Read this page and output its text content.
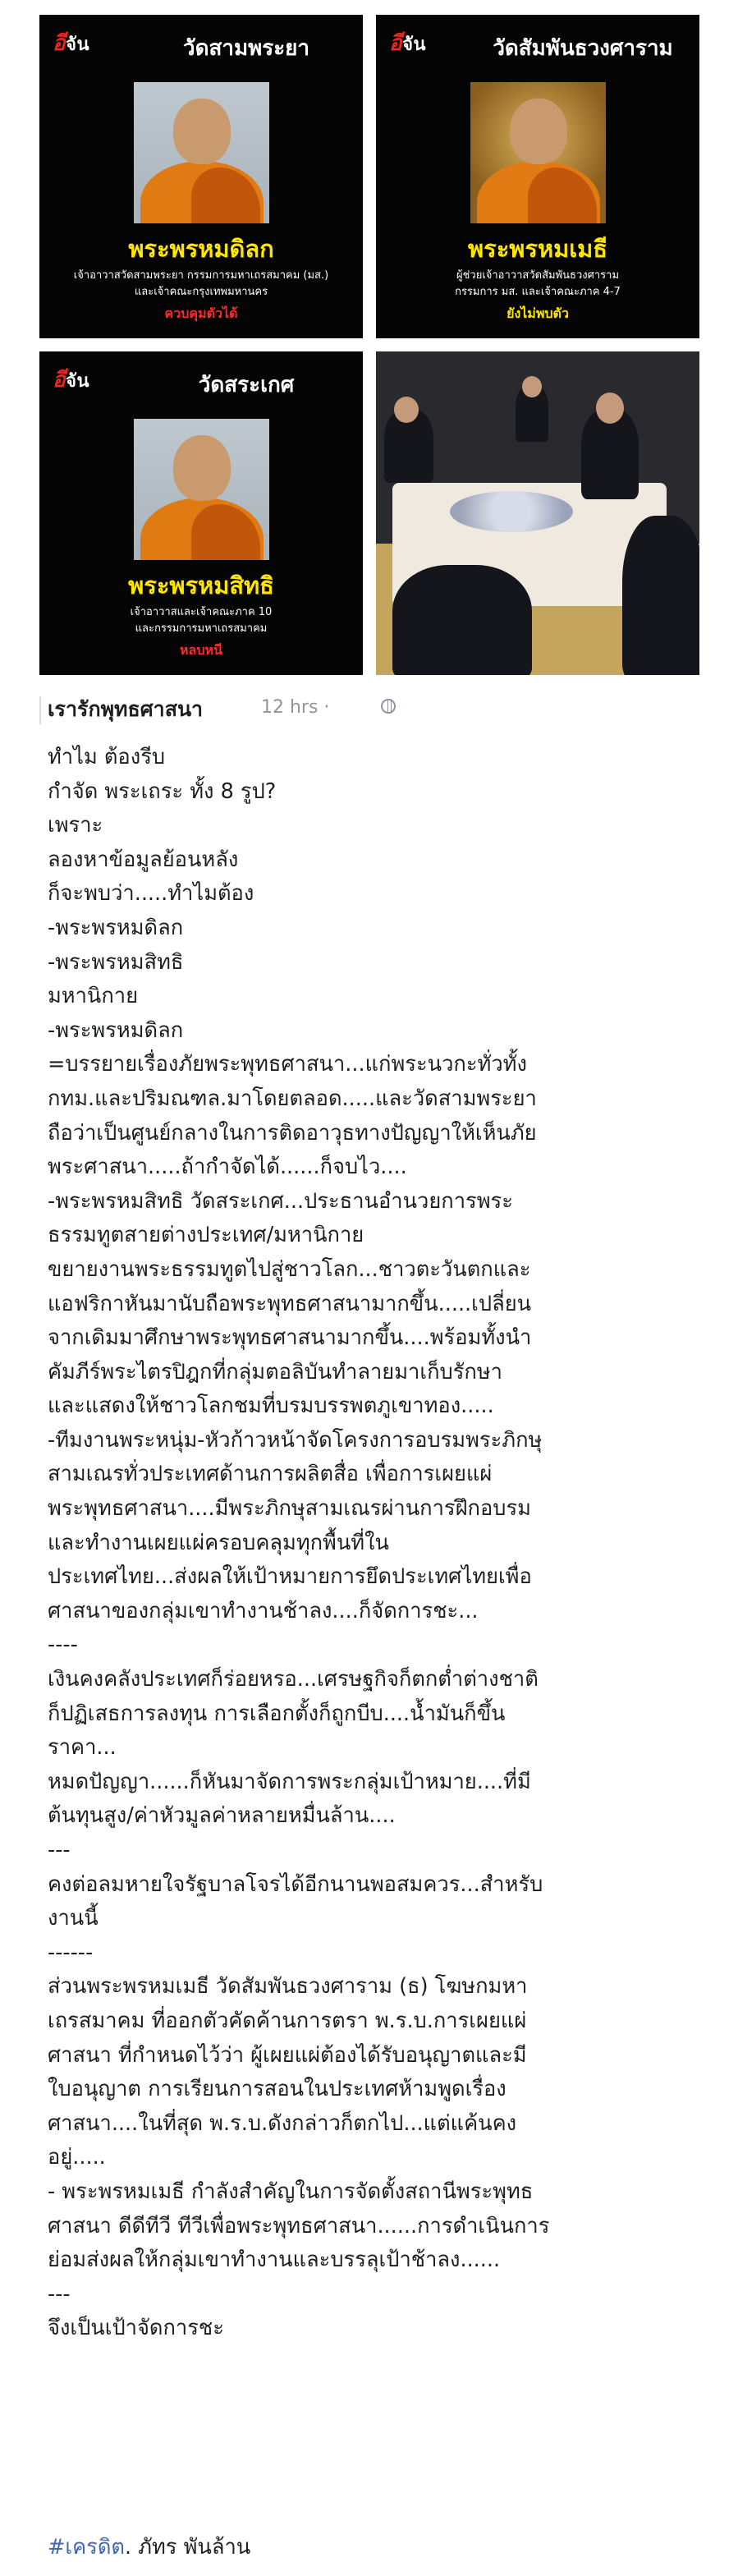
อีจัน	วัดสามพระยา
พระพรหมดิลก
เจ้าอาวาสวัดสามพระยา กรรมการมหาเถรสมาคม (มส.)
และเจ้าคณะกรุงเทพมหานคร
ควบคุมตัวได้
อีจัน	วัดสัมพันธวงศาราม
พระพรหมเมธี
ผู้ช่วยเจ้าอาวาสวัดสัมพันธวงศาราม
กรรมการ มส. และเจ้าคณะภาค 4-7
ยังไม่พบตัว
อีจัน	วัดสระเกศ
พระพรหมสิทธิ
เจ้าอาวาสและเจ้าคณะภาค 10
และกรรมการมหาเถรสมาคม
หลบหนี
เรารักพุทธศาสนา	12 hrs ·
ทำไม ต้องรีบ
กำจัด พระเถระ ทั้ง 8 รูป?
เพราะ
ลองหาข้อมูลย้อนหลัง
ก็จะพบว่า.....ทำไมต้อง
-พระพรหมดิลก
-พระพรหมสิทธิ
มหานิกาย
-พระพรหมดิลก
=บรรยายเรื่องภัยพระพุทธศาสนา...แก่พระนวกะทั่วทั้ง
กทม.และปริมณฑล.มาโดยตลอด.....และวัดสามพระยา
ถือว่าเป็นศูนย์กลางในการติดอาวุธทางปัญญาให้เห็นภัย
พระศาสนา.....ถ้ากำจัดได้......ก็จบไว....
-พระพรหมสิทธิ วัดสระเกศ...ประธานอำนวยการพระ
ธรรมทูตสายต่างประเทศ/มหานิกาย
ขยายงานพระธรรมทูตไปสู่ชาวโลก...ชาวตะวันตกและ
แอฟริกาหันมานับถือพระพุทธศาสนามากขึ้น.....เปลี่ยน
จากเดิมมาศึกษาพระพุทธศาสนามากขึ้น....พร้อมทั้งนำ
คัมภีร์พระไตรปิฎกที่กลุ่มตอลิบันทำลายมาเก็บรักษา
และแสดงให้ชาวโลกชมที่บรมบรรพตภูเขาทอง.....
-ทีมงานพระหนุ่ม-หัวก้าวหน้าจัดโครงการอบรมพระภิกษุ
สามเณรทั่วประเทศด้านการผลิตสื่อ เพื่อการเผยแผ่
พระพุทธศาสนา....มีพระภิกษุสามเณรผ่านการฝึกอบรม
และทำงานเผยแผ่ครอบคลุมทุกพื้นที่ใน
ประเทศไทย...ส่งผลให้เป้าหมายการยึดประเทศไทยเพื่อ
ศาสนาของกลุ่มเขาทำงานช้าลง....ก็จัดการชะ...
----
เงินคงคลังประเทศก็ร่อยหรอ...เศรษฐกิจก็ตกต่ำต่างชาติ
ก็ปฏิเสธการลงทุน การเลือกตั้งก็ถูกบีบ....น้ำมันก็ขึ้น
ราคา...
หมดปัญญา......ก็หันมาจัดการพระกลุ่มเป้าหมาย....ที่มี
ต้นทุนสูง/ค่าหัวมูลค่าหลายหมื่นล้าน....
---
คงต่อลมหายใจรัฐบาลโจรได้อีกนานพอสมควร...สำหรับ
งานนี้
------
ส่วนพระพรหมเมธี วัดสัมพันธวงศาราม (ธ) โฆษกมหา
เถรสมาคม ที่ออกตัวคัดค้านการตรา พ.ร.บ.การเผยแผ่
ศาสนา ที่กำหนดไว้ว่า ผู้เผยแผ่ต้องได้รับอนุญาตและมี
ใบอนุญาต การเรียนการสอนในประเทศห้ามพูดเรื่อง
ศาสนา....ในที่สุด พ.ร.บ.ดังกล่าวก็ตกไป...แต่แค้นคง
อยู่.....
- พระพรหมเมธี กำลังสำคัญในการจัดตั้งสถานีพระพุทธ
ศาสนา ดีดีทีวี ทีวีเพื่อพระพุทธศาสนา......การดำเนินการ
ย่อมส่งผลให้กลุ่มเขาทำงานและบรรลุเป้าช้าลง......
---
จึงเป็นเป้าจัดการชะ
#เครดิต. ภัทร พันล้าน
